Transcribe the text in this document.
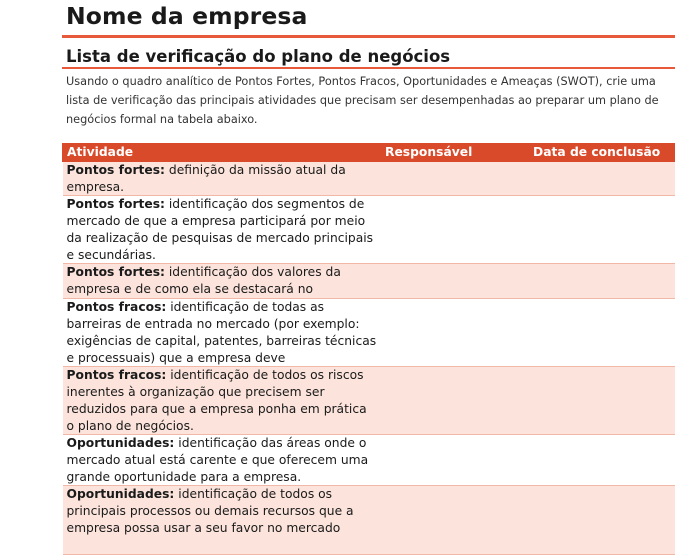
Nome da empresa
Lista de verificação do plano de negócios

Usando o quadro analítico de Pontos Fortes, Pontos Fracos, Oportunidades e Ameaças (SWOT), crie uma lista de verificação das principais atividades que precisam ser desempenhadas ao preparar um plano de negócios formal na tabela abaixo.

Atividade	Responsável	Data de conclusão

Pontos fortes: definição da missão atual da empresa.		

Pontos fortes: identificação dos segmentos de mercado de que a empresa participará por meio da realização de pesquisas de mercado principais e secundárias.		

Pontos fortes: identificação dos valores da empresa e de como ela se destacará no		

Pontos fracos: identificação de todas as barreiras de entrada no mercado (por exemplo: exigências de capital, patentes, barreiras técnicas e processuais) que a empresa deve		

Pontos fracos: identificação de todos os riscos inerentes à organização que precisem ser reduzidos para que a empresa ponha em prática o plano de negócios.		

Oportunidades: identificação das áreas onde o mercado atual está carente e que oferecem uma grande oportunidade para a empresa.		

Oportunidades: identificação de todos os principais processos ou demais recursos que a empresa possa usar a seu favor no mercado		
